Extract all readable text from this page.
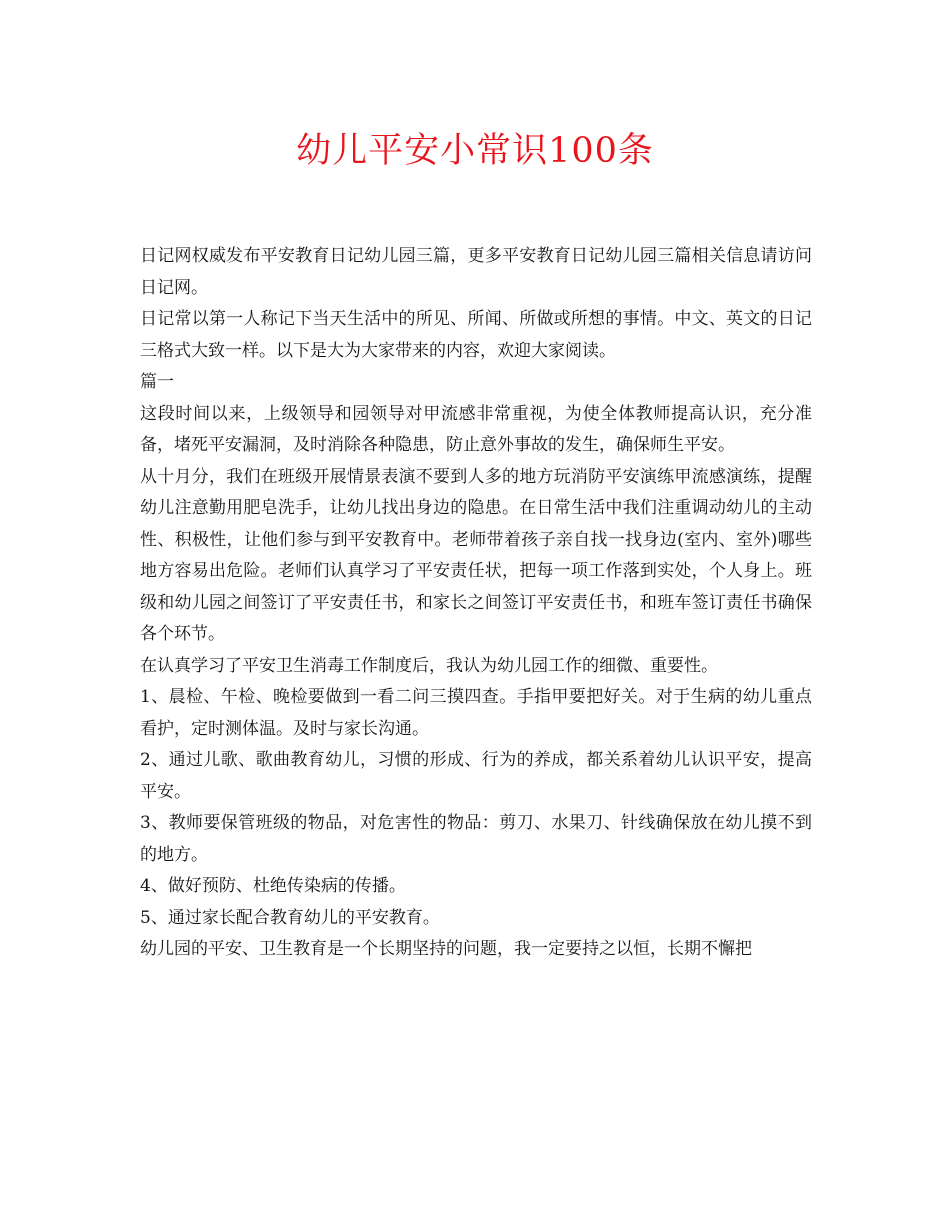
幼儿平安小常识100条

日记网权威发布平安教育日记幼儿园三篇，更多平安教育日记幼儿园三篇相关信息请访问日记网。

日记常以第一人称记下当天生活中的所见、所闻、所做或所想的事情。中文、英文的日记三格式大致一样。以下是大为大家带来的内容，欢迎大家阅读。

篇一

这段时间以来，上级领导和园领导对甲流感非常重视，为使全体教师提高认识，充分准备，堵死平安漏洞，及时消除各种隐患，防止意外事故的发生，确保师生平安。

从十月分，我们在班级开展情景表演不要到人多的地方玩消防平安演练甲流感演练，提醒幼儿注意勤用肥皂洗手，让幼儿找出身边的隐患。在日常生活中我们注重调动幼儿的主动性、积极性，让他们参与到平安教育中。老师带着孩子亲自找一找身边(室内、室外)哪些地方容易出危险。老师们认真学习了平安责任状，把每一项工作落到实处，个人身上。班级和幼儿园之间签订了平安责任书，和家长之间签订平安责任书，和班车签订责任书确保各个环节。

在认真学习了平安卫生消毒工作制度后，我认为幼儿园工作的细微、重要性。

1、晨检、午检、晚检要做到一看二问三摸四查。手指甲要把好关。对于生病的幼儿重点看护，定时测体温。及时与家长沟通。

2、通过儿歌、歌曲教育幼儿，习惯的形成、行为的养成，都关系着幼儿认识平安，提高平安。

3、教师要保管班级的物品，对危害性的物品：剪刀、水果刀、针线确保放在幼儿摸不到的地方。

4、做好预防、杜绝传染病的传播。

5、通过家长配合教育幼儿的平安教育。

幼儿园的平安、卫生教育是一个长期坚持的问题，我一定要持之以恒，长期不懈把
